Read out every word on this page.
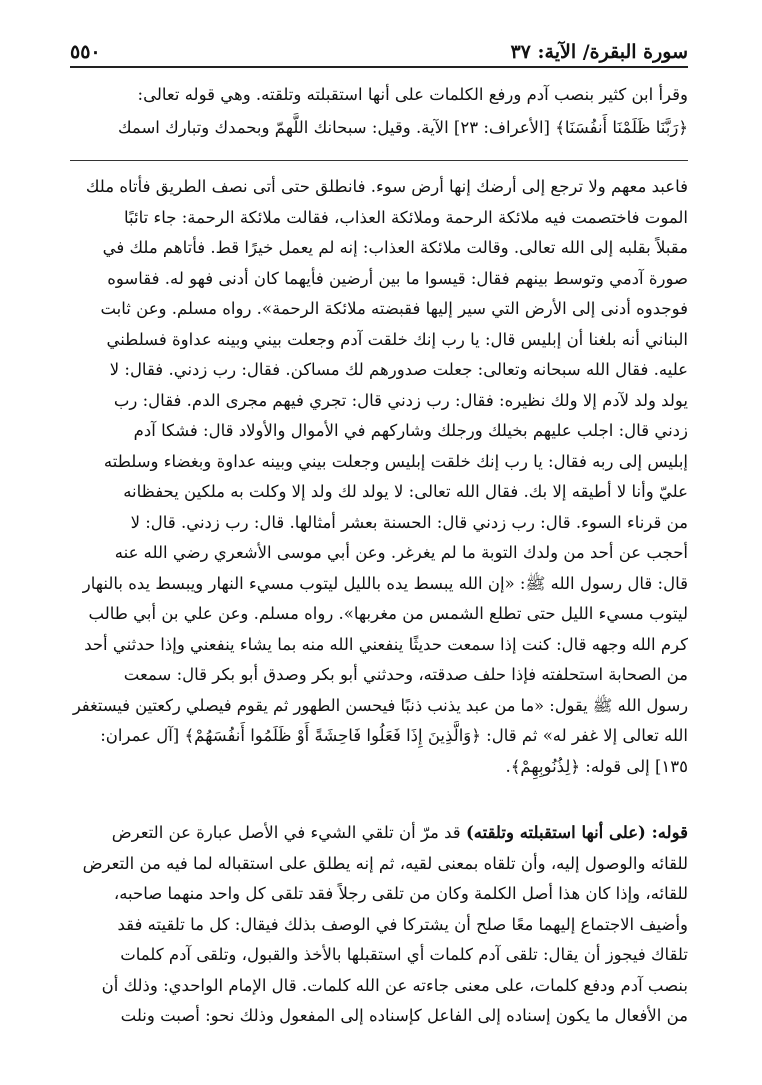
سورة البقرة/ الآية: ٣٧
٥٥٠
وقرأ ابن كثير بنصب آدم ورفع الكلمات على أنها استقبلته وتلقته. وهي قوله تعالى:
﴿رَبَّنَا ظَلَمْنَا أَنفُسَنَا﴾ [الأعراف: ٢٣] الآية. وقيل: سبحانك اللَّهمّ وبحمدك وتبارك اسمك
فاعبد معهم ولا ترجع إلى أرضك إنها أرض سوء. فانطلق حتى أتى نصف الطريق فأتاه ملك
الموت فاختصمت فيه ملائكة الرحمة وملائكة العذاب، فقالت ملائكة الرحمة: جاء تائبًا
مقبلاً بقلبه إلى الله تعالى. وقالت ملائكة العذاب: إنه لم يعمل خيرًا قط. فأتاهم ملك في
صورة آدمي وتوسط بينهم فقال: قيسوا ما بين أرضين فأيهما كان أدنى فهو له. فقاسوه
فوجدوه أدنى إلى الأرض التي سير إليها فقبضته ملائكة الرحمة». رواه مسلم. وعن ثابت
البناني أنه بلغنا أن إبليس قال: يا رب إنك خلقت آدم وجعلت بيني وبينه عداوة فسلطني
عليه. فقال الله سبحانه وتعالى: جعلت صدورهم لك مساكن. فقال: رب زدني. فقال: لا
يولد ولد لآدم إلا ولك نظيره: فقال: رب زدني قال: تجري فيهم مجرى الدم. فقال: رب
زدني قال: اجلب عليهم بخيلك ورجلك وشاركهم في الأموال والأولاد قال: فشكا آدم
إبليس إلى ربه فقال: يا رب إنك خلقت إبليس وجعلت بيني وبينه عداوة وبغضاء وسلطته
عليّ وأنا لا أطيقه إلا بك. فقال الله تعالى: لا يولد لك ولد إلا وكلت به ملكين يحفظانه
من قرناء السوء. قال: رب زدني قال: الحسنة بعشر أمثالها. قال: رب زدني. قال: لا
أحجب عن أحد من ولدك التوبة ما لم يغرغر. وعن أبي موسى الأشعري رضي الله عنه
قال: قال رسول الله ﷺ: «إن الله يبسط يده بالليل ليتوب مسيء النهار ويبسط يده بالنهار
ليتوب مسيء الليل حتى تطلع الشمس من مغربها». رواه مسلم. وعن علي بن أبي طالب
كرم الله وجهه قال: كنت إذا سمعت حديثًا ينفعني الله منه بما يشاء ينفعني وإذا حدثني أحد
من الصحابة استحلفته فإذا حلف صدقته، وحدثني أبو بكر وصدق أبو بكر قال: سمعت
رسول الله ﷺ يقول: «ما من عبد يذنب ذنبًا فيحسن الطهور ثم يقوم فيصلي ركعتين فيستغفر
الله تعالى إلا غفر له» ثم قال: ﴿وَالَّذِينَ إِذَا فَعَلُوا فَاحِشَةً أَوْ ظَلَمُوا أَنفُسَهُمْ﴾ [آل عمران:
١٣٥] إلى قوله: ﴿لِذُنُوبِهِمْ﴾.
قوله: (على أنها استقبلته وتلقته) قد مرّ أن تلقي الشيء في الأصل عبارة عن التعرض
للقائه والوصول إليه، وأن تلقاه بمعنى لقيه، ثم إنه يطلق على استقباله لما فيه من التعرض
للقائه، وإذا كان هذا أصل الكلمة وكان من تلقى رجلاً فقد تلقى كل واحد منهما صاحبه،
وأضيف الاجتماع إليهما معًا صلح أن يشتركا في الوصف بذلك فيقال: كل ما تلقيته فقد
تلقاك فيجوز أن يقال: تلقى آدم كلمات أي استقبلها بالأخذ والقبول، وتلقى آدم كلمات
بنصب آدم ودفع كلمات، على معنى جاءته عن الله كلمات. قال الإمام الواحدي: وذلك أن
من الأفعال ما يكون إسناده إلى الفاعل كإسناده إلى المفعول وذلك نحو: أصبت ونلت
